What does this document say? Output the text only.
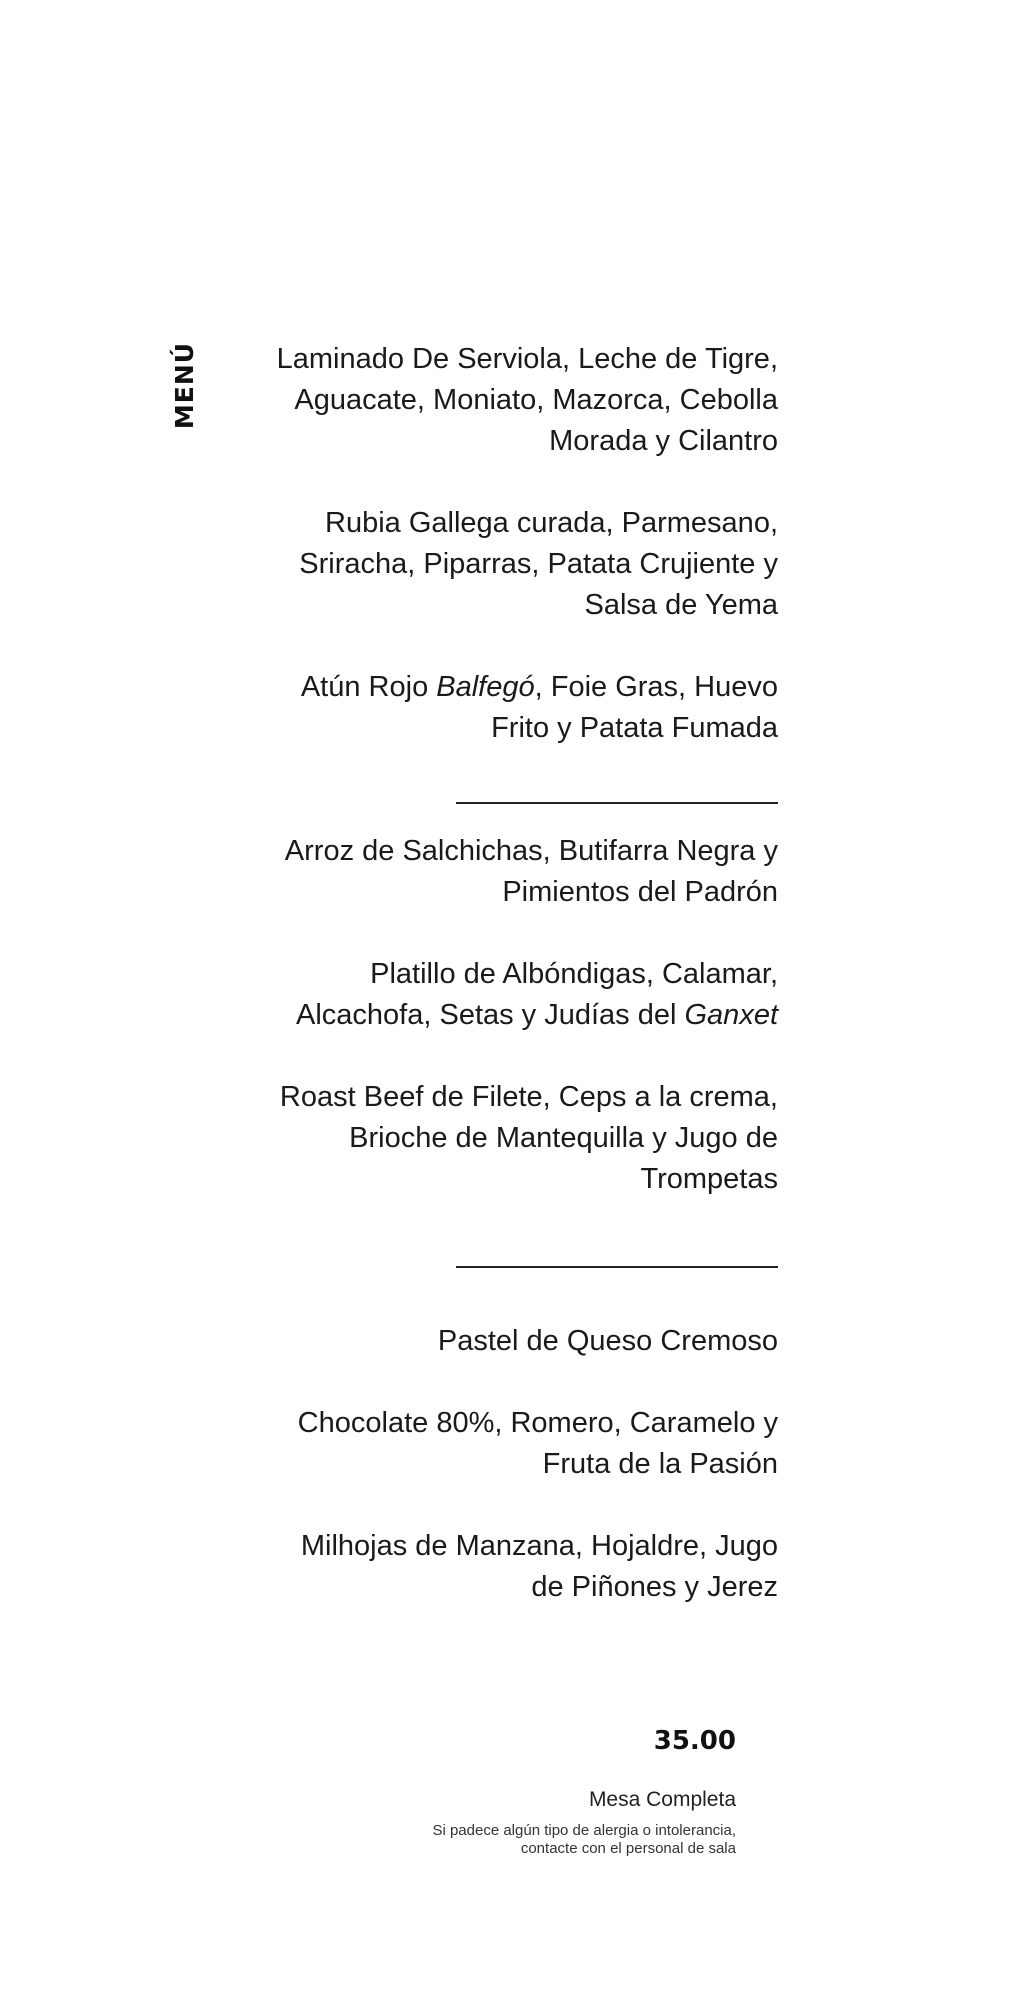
MENÚ	Laminado De Serviola, Leche de Tigre,
Aguacate, Moniato, Mazorca, Cebolla
Morada y Cilantro

Rubia Gallega curada, Parmesano,
Sriracha, Piparras, Patata Crujiente y
Salsa de Yema

Atún Rojo Balfegó, Foie Gras, Huevo
Frito y Patata Fumada

Arroz de Salchichas, Butifarra Negra y
Pimientos del Padrón

Platillo de Albóndigas, Calamar,
Alcachofa, Setas y Judías del Ganxet

Roast Beef de Filete, Ceps a la crema,
Brioche de Mantequilla y Jugo de
Trompetas

Pastel de Queso Cremoso

Chocolate 80%, Romero, Caramelo y
Fruta de la Pasión

Milhojas de Manzana, Hojaldre, Jugo
de Piñones y Jerez

35.00
Mesa Completa
Si padece algún tipo de alergia o intolerancia,
contacte con el personal de sala
